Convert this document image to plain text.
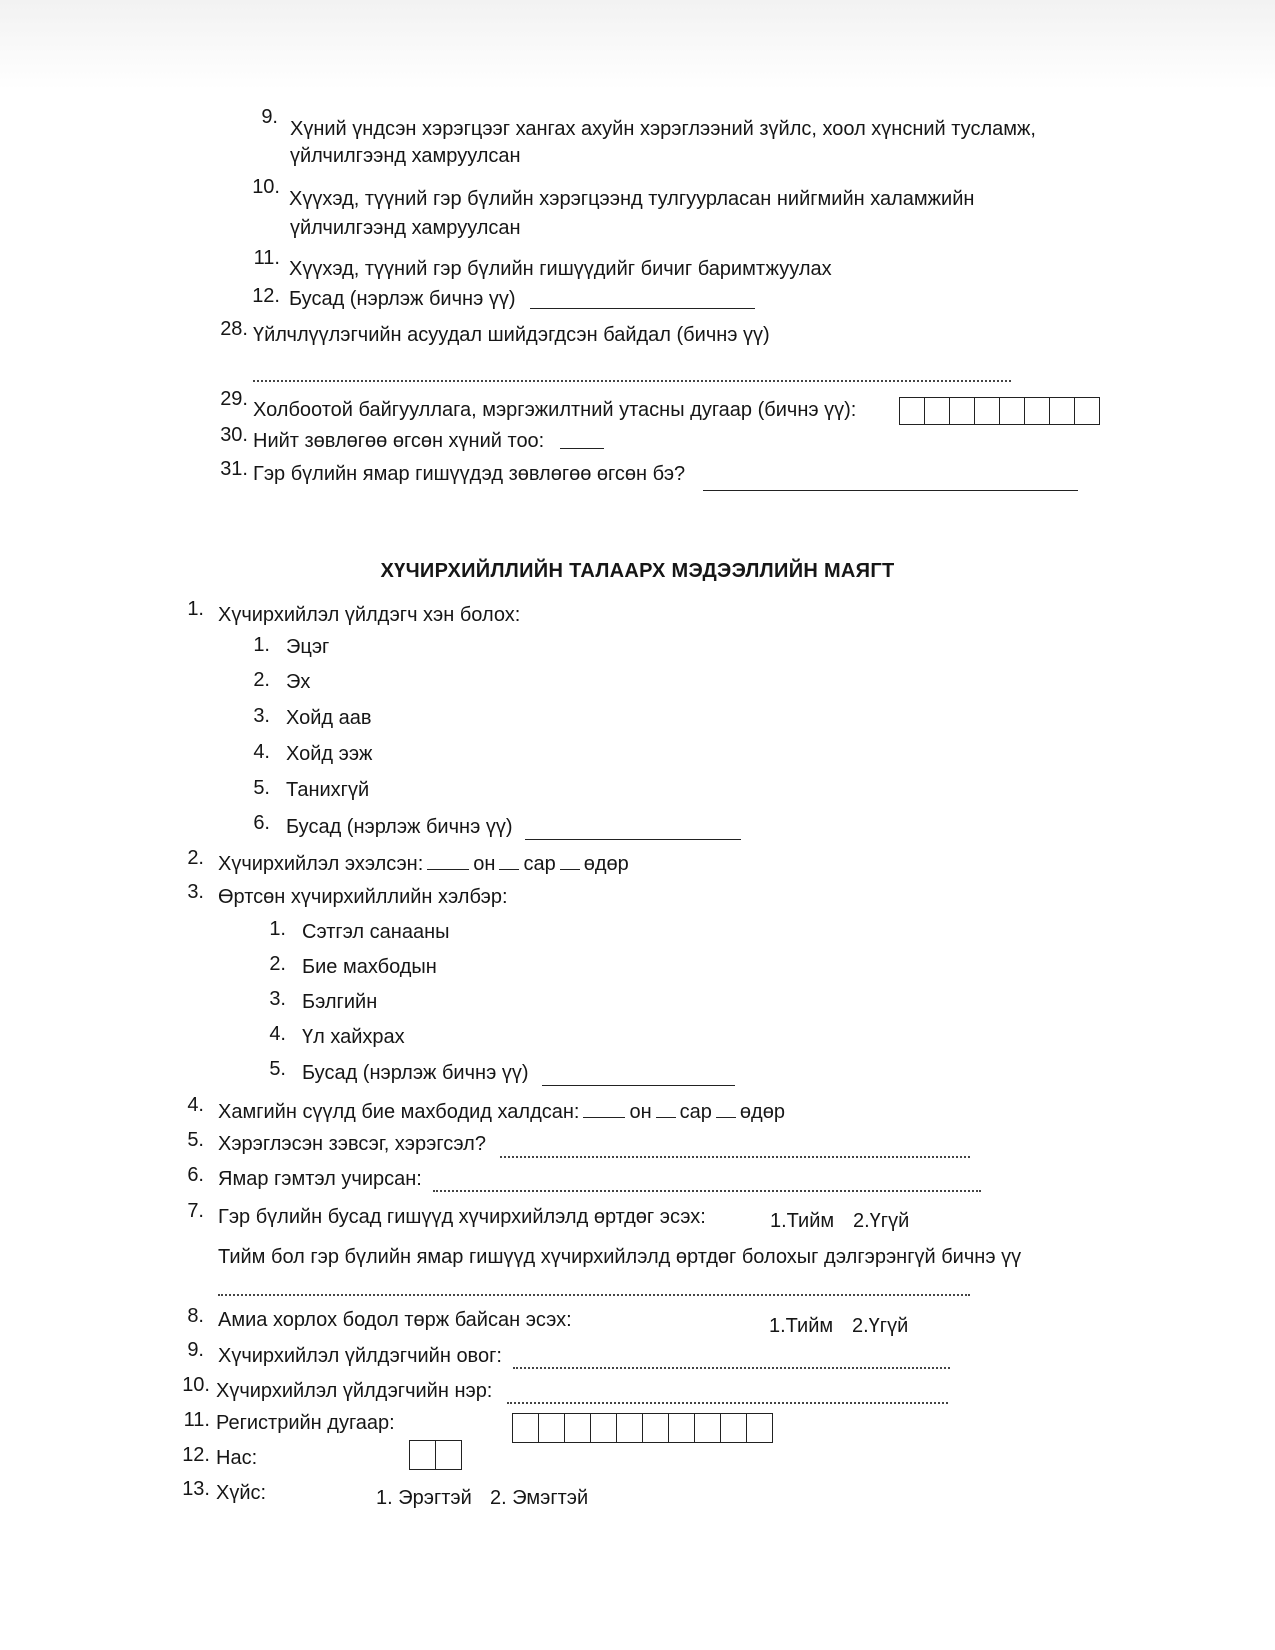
9.
Хүний үндсэн хэрэгцээг хангах ахуйн хэрэглээний зүйлс, хоол хүнсний тусламж,
үйлчилгээнд хамруулсан
10.
Хүүхэд, түүний гэр бүлийн хэрэгцээнд тулгуурласан нийгмийн халамжийн
үйлчилгээнд хамруулсан
11. Хүүхэд, түүний гэр бүлийн гишүүдийг бичиг баримтжуулах
12. Бусад (нэрлэж бичнэ үү)
28. Үйлчлүүлэгчийн асуудал шийдэгдсэн байдал (бичнэ үү)
29. Холбоотой байгууллага, мэргэжилтний утасны дугаар (бичнэ үү):
30. Нийт зөвлөгөө өгсөн хүний тоо:
31. Гэр бүлийн ямар гишүүдэд зөвлөгөө өгсөн бэ?
ХҮЧИРХИЙЛЛИЙН ТАЛААРХ МЭДЭЭЛЛИЙН МАЯГТ
1. Хүчирхийлэл үйлдэгч хэн болох:
1. Эцэг
2. Эх
3. Хойд аав
4. Хойд ээж
5. Танихгүй
6. Бусад (нэрлэж бичнэ үү)
2. Хүчирхийлэл эхэлсэн:	он сар өдөр
3. Өртсөн хүчирхийллийн хэлбэр:
1. Сэтгэл санааны
2. Бие махбодын
3. Бэлгийн
4. Үл хайхрах
5. Бусад (нэрлэж бичнэ үү)
4. Хамгийн сүүлд бие махбодид халдсан:	он сар өдөр
5. Хэрэглэсэн зэвсэг, хэрэгсэл?
6. Ямар гэмтэл учирсан:
7. Гэр бүлийн бусад гишүүд хүчирхийлэлд өртдөг эсэх:	1.Тийм 2.Үгүй
Тийм бол гэр бүлийн ямар гишүүд хүчирхийлэлд өртдөг болохыг дэлгэрэнгүй бичнэ үү
8. Амиа хорлох бодол төрж байсан эсэх:	1.Тийм 2.Үгүй
9. Хүчирхийлэл үйлдэгчийн овог:
10. Хүчирхийлэл үйлдэгчийн нэр:
11. Регистрийн дугаар:
12. Нас:
13. Хүйс:	1. Эрэгтэй 2. Эмэгтэй
